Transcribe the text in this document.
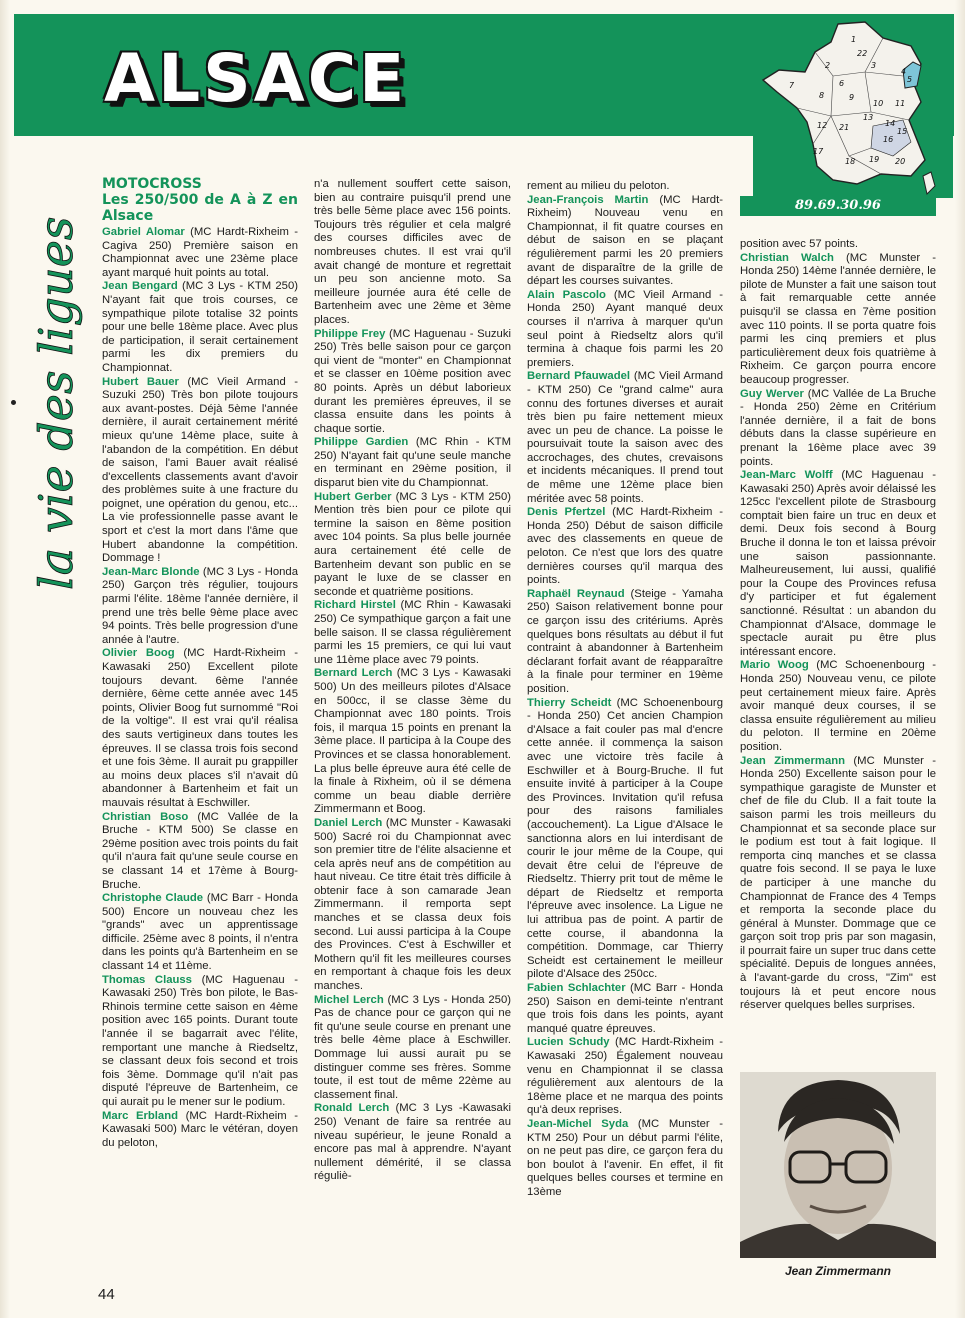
ALSACE
1
2	3
4
5
6
7
8	9
10 11
12	14
15
16
17
18 19 20
21
22
13
89.69.30.96
la vie des ligues

MOTOCROSS

Les 250/500 de A à Z en Alsace

Gabriel Alomar (MC Hardt-Rixheim -Cagiva 250) Première saison en Championnat avec une 23ème place ayant marqué huit points au total.

Jean Bengard (MC 3 Lys - KTM 250) N'ayant fait que trois courses, ce sympathique pilote totalise 32 points pour une belle 18ème place. Avec plus de participation, il serait certainement parmi les dix premiers du Championnat.

Hubert Bauer (MC Vieil Armand - Suzuki 250) Très bon pilote toujours aux avant-postes. Déjà 5ème l'année dernière, il aurait certainement mérité mieux qu'une 14ème place, suite à l'abandon de la compétition. En début de saison, l'ami Bauer avait réalisé d'excellents classements avant d'avoir des problèmes suite à une fracture du poignet, une opération du genou, etc... La vie professionnelle passe avant le sport et c'est la mort dans l'âme que Hubert abandonne la compétition. Dommage !

Jean-Marc Blonde (MC 3 Lys - Honda 250) Garçon très régulier, toujours parmi l'élite. 18ème l'année dernière, il prend une très belle 9ème place avec 94 points. Très belle progression d'une année à l'autre.

Olivier Boog (MC Hardt-Rixheim - Kawasaki 250) Excellent pilote toujours devant. 6ème l'année dernière, 6ème cette année avec 145 points, Olivier Boog fut surnommé "Roi de la voltige". Il est vrai qu'il réalisa des sauts vertigineux dans toutes les épreuves. Il se classa trois fois second et une fois 3ème. Il aurait pu grappiller au moins deux places s'il n'avait dû abandonner à Bartenheim et fait un mauvais résultat à Eschwiller.

Christian Boso (MC Vallée de la Bruche - KTM 500) Se classe en 29ème position avec trois points du fait qu'il n'aura fait qu'une seule course en se classant 14 et 17ème à Bourg-Bruche.

Christophe Claude (MC Barr - Honda 500) Encore un nouveau chez les "grands" avec un apprentissage difficile. 25ème avec 8 points, il n'entra dans les points qu'à Bartenheim en se classant 14 et 11ème.

Thomas Clauss (MC Haguenau - Kawasaki 250) Très bon pilote, le Bas-Rhinois termine cette saison en 4ème position avec 165 points. Durant toute l'année il se bagarrait avec l'élite, remportant une manche à Riedseltz, se classant deux fois second et trois fois 3ème. Dommage qu'il n'ait pas disputé l'épreuve de Bartenheim, ce qui aurait pu le mener sur le podium.

Marc Erbland (MC Hardt-Rixheim - Kawasaki 500) Marc le vétéran, doyen du peloton,

n'a nullement souffert cette saison, bien au contraire puisqu'il prend une très belle 5ème place avec 156 points. Toujours très régulier et cela malgré des courses difficiles avec de nombreuses chutes. Il est vrai qu'il avait changé de monture et regrettait un peu son ancienne moto. Sa meilleure journée aura été celle de Bartenheim avec une 2ème et 3ème places.

Philippe Frey (MC Haguenau - Suzuki 250) Très belle saison pour ce garçon qui vient de "monter" en Championnat et se classer en 10ème position avec 80 points. Après un début laborieux durant les premières épreuves, il se classa ensuite dans les points à chaque sortie.

Philippe Gardien (MC Rhin - KTM 250) N'ayant fait qu'une seule manche en terminant en 29ème position, il disparut bien vite du Championnat.

Hubert Gerber (MC 3 Lys - KTM 250) Mention très bien pour ce pilote qui termine la saison en 8ème position avec 104 points. Sa plus belle journée aura certainement été celle de Bartenheim devant son public en se payant le luxe de se classer en seconde et quatrième positions.

Richard Hirstel (MC Rhin - Kawasaki 250) Ce sympathique garçon a fait une belle saison. Il se classa régulièrement parmi les 15 premiers, ce qui lui vaut une 11ème place avec 79 points.

Bernard Lerch (MC 3 Lys - Kawasaki 500) Un des meilleurs pilotes d'Alsace en 500cc, il se classe 3ème du Championnat avec 180 points. Trois fois, il marqua 15 points en prenant la 3ème place. Il participa à la Coupe des Provinces et se classa honorablement. La plus belle épreuve aura été celle de la finale à Rixheim, où il se démena comme un beau diable derrière Zimmermann et Boog.

Daniel Lerch (MC Munster - Kawasaki 500) Sacré roi du Championnat avec son premier titre de l'élite alsacienne et cela après neuf ans de compétition au haut niveau. Ce titre était très difficile à obtenir face à son camarade Jean Zimmermann. il remporta sept manches et se classa deux fois second. Lui aussi participa à la Coupe des Provinces. C'est à Eschwiller et Mothern qu'il fit les meilleures courses en remportant à chaque fois les deux manches.

Michel Lerch (MC 3 Lys - Honda 250) Pas de chance pour ce garçon qui ne fit qu'une seule course en prenant une très belle 4ème place à Eschwiller. Dommage lui aussi aurait pu se distinguer comme ses frères. Somme toute, il est tout de même 22ème au classement final.

Ronald Lerch (MC 3 Lys -Kawasaki 250) Venant de faire sa rentrée au niveau supérieur, le jeune Ronald a encore pas mal à apprendre. N'ayant nullement démérité, il se classa réguliè-

rement au milieu du peloton.

Jean-François Martin (MC Hardt-Rixheim) Nouveau venu en Championnat, il fit quatre courses en début de saison en se plaçant régulièrement parmi les 20 premiers avant de disparaître de la grille de départ les courses suivantes.

Alain Pascolo (MC Vieil Armand - Honda 250) Ayant manqué deux courses il n'arriva à marquer qu'un seul point à Riedseltz alors qu'il termina à chaque fois parmi les 20 premiers.

Bernard Pfauwadel (MC Vieil Armand - KTM 250) Ce "grand calme" aura connu des fortunes diverses et aurait très bien pu faire nettement mieux avec un peu de chance. La poisse le poursuivait toute la saison avec des accrochages, des chutes, crevaisons et incidents mécaniques. Il prend tout de même une 12ème place bien méritée avec 58 points.

Denis Pfertzel (MC Hardt-Rixheim - Honda 250) Début de saison difficile avec des classements en queue de peloton. Ce n'est que lors des quatre dernières courses qu'il marqua des points.

Raphaël Reynaud (Steige - Yamaha 250) Saison relativement bonne pour ce garçon issu des critériums. Après quelques bons résultats au début il fut contraint à abandonner à Bartenheim déclarant forfait avant de réapparaître à la finale pour terminer en 19ème position.

Thierry Scheidt (MC Schoenenbourg - Honda 250) Cet ancien Champion d'Alsace a fait couler pas mal d'encre cette année. il commença la saison avec une victoire très facile à Eschwiller et à Bourg-Bruche. Il fut ensuite invité à participer à la Coupe des Provinces. Invitation qu'il refusa pour des raisons familiales (accouchement). La Ligue d'Alsace le sanctionna alors en lui interdisant de courir le jour même de la Coupe, qui devait être celui de l'épreuve de Riedseltz. Thierry prit tout de même le départ de Riedseltz et remporta l'épreuve avec insolence. La Ligue ne lui attribua pas de point. A partir de cette course, il abandonna la compétition. Dommage, car Thierry Scheidt est certainement le meilleur pilote d'Alsace des 250cc.

Fabien Schlachter (MC Barr - Honda 250) Saison en demi-teinte n'entrant que trois fois dans les points, ayant manqué quatre épreuves.

Lucien Schudy (MC Hardt-Rixheim - Kawasaki 250) Également nouveau venu en Championnat il se classa régulièrement aux alentours de la 18ème place et ne marqua des points qu'à deux reprises.

Jean-Michel Syda (MC Munster - KTM 250) Pour un début parmi l'élite, on ne peut pas dire, ce garçon fera du bon boulot à l'avenir. En effet, il fit quelques belles courses et termine en 13ème

position avec 57 points.

Christian Walch (MC Munster - Honda 250) 14ème l'année dernière, le pilote de Munster a fait une saison tout à fait remarquable cette année puisqu'il se classa en 7ème position avec 110 points. Il se porta quatre fois parmi les cinq premiers et plus particulièrement deux fois quatrième à Rixheim. Ce garçon pourra encore beaucoup progresser.

Guy Werver (MC Vallée de La Bruche - Honda 250) 2ème en Critérium l'année dernière, il a fait de bons débuts dans la classe supérieure en prenant la 16ème place avec 39 points.

Jean-Marc Wolff (MC Haguenau - Kawasaki 250) Après avoir délaissé les 125cc l'excellent pilote de Strasbourg comptait bien faire un truc en deux et demi. Deux fois second à Bourg Bruche il donna le ton et laissa prévoir une saison passionnante. Malheureusement, lui aussi, qualifié pour la Coupe des Provinces refusa d'y participer et fut également sanctionné. Résultat : un abandon du Championnat d'Alsace, dommage le spectacle aurait pu être plus intéressant encore.

Mario Woog (MC Schoenenbourg - Honda 250) Nouveau venu, ce pilote peut certainement mieux faire. Après avoir manqué deux courses, il se classa ensuite régulièrement au milieu du peloton. Il termine en 20ème position.

Jean Zimmermann (MC Munster - Honda 250) Excellente saison pour le sympathique garagiste de Munster et chef de file du Club. Il a fait toute la saison parmi les trois meilleurs du Championnat et sa seconde place sur le podium est tout à fait logique. Il remporta cinq manches et se classa quatre fois second. Il se paya le luxe de participer à une manche du Championnat de France des 4 Temps et remporta la seconde place du général à Munster. Dommage que ce garçon soit trop pris par son magasin, il pourrait faire un super truc dans cette spécialité. Depuis de longues années, à l'avant-garde du cross, "Zim" est toujours là et peut encore nous réserver quelques belles surprises.

Jean Zimmermann
44
